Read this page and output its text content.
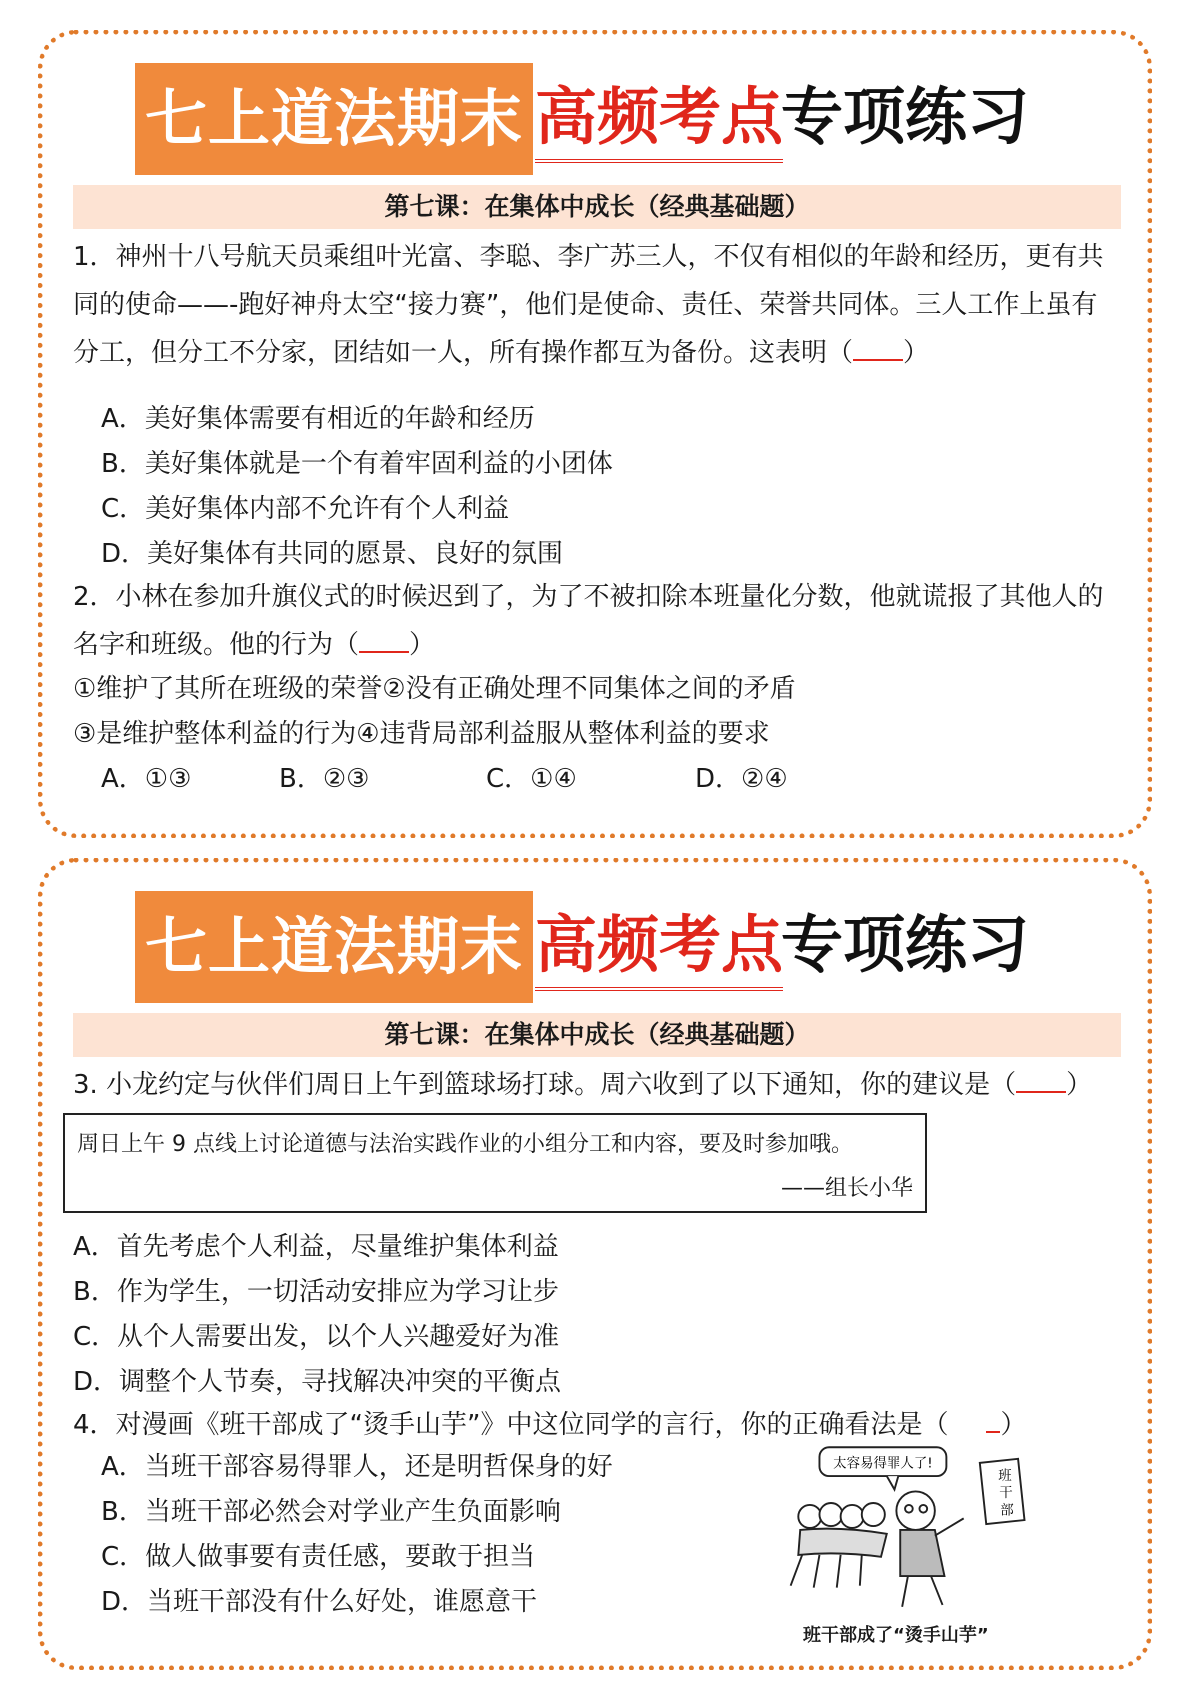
七上道法期末 高频考点
专项练习
第七课：在集体中成长（经典基础题）
1．神州十八号航天员乘组叶光富、李聪、李广苏三人，不仅有相似的年龄和经历，更有共同的使命——-跑好神舟太空“接力赛”，他们是使命、责任、荣誉共同体。三人工作上虽有分工，但分工不分家，团结如一人，所有操作都互为备份。这表明（ ）
A．美好集体需要有相近的年龄和经历
B．美好集体就是一个有着牢固利益的小团体
C．美好集体内部不允许有个人利益
D．美好集体有共同的愿景、良好的氛围
2．小林在参加升旗仪式的时候迟到了，为了不被扣除本班量化分数，他就谎报了其他人的名字和班级。他的行为（ ）
①维护了其所在班级的荣誉②没有正确处理不同集体之间的矛盾
③是维护整体利益的行为④违背局部利益服从整体利益的要求
A．①③	B．②③	C．①④	D．②④
七上道法期末 高频考点
专项练习
第七课：在集体中成长（经典基础题）
3. 小龙约定与伙伴们周日上午到篮球场打球。周六收到了以下通知，你的建议是（ ）
周日上午 9 点线上讨论道德与法治实践作业的小组分工和内容，要及时参加哦。
——组长小华
A．首先考虑个人利益，尽量维护集体利益
B．作为学生，一切活动安排应为学习让步
C．从个人需要出发，以个人兴趣爱好为准
D．调整个人节奏，寻找解决冲突的平衡点
4．对漫画《班干部成了“烫手山芋”》中这位同学的言行，你的正确看法是（ ）
A．当班干部容易得罪人，还是明哲保身的好
B．当班干部必然会对学业产生负面影响
C．做人做事要有责任感，要敢于担当
D．当班干部没有什么好处，谁愿意干
太容易得罪人了!
班
干
部
班干部成了“烫手山芋”
